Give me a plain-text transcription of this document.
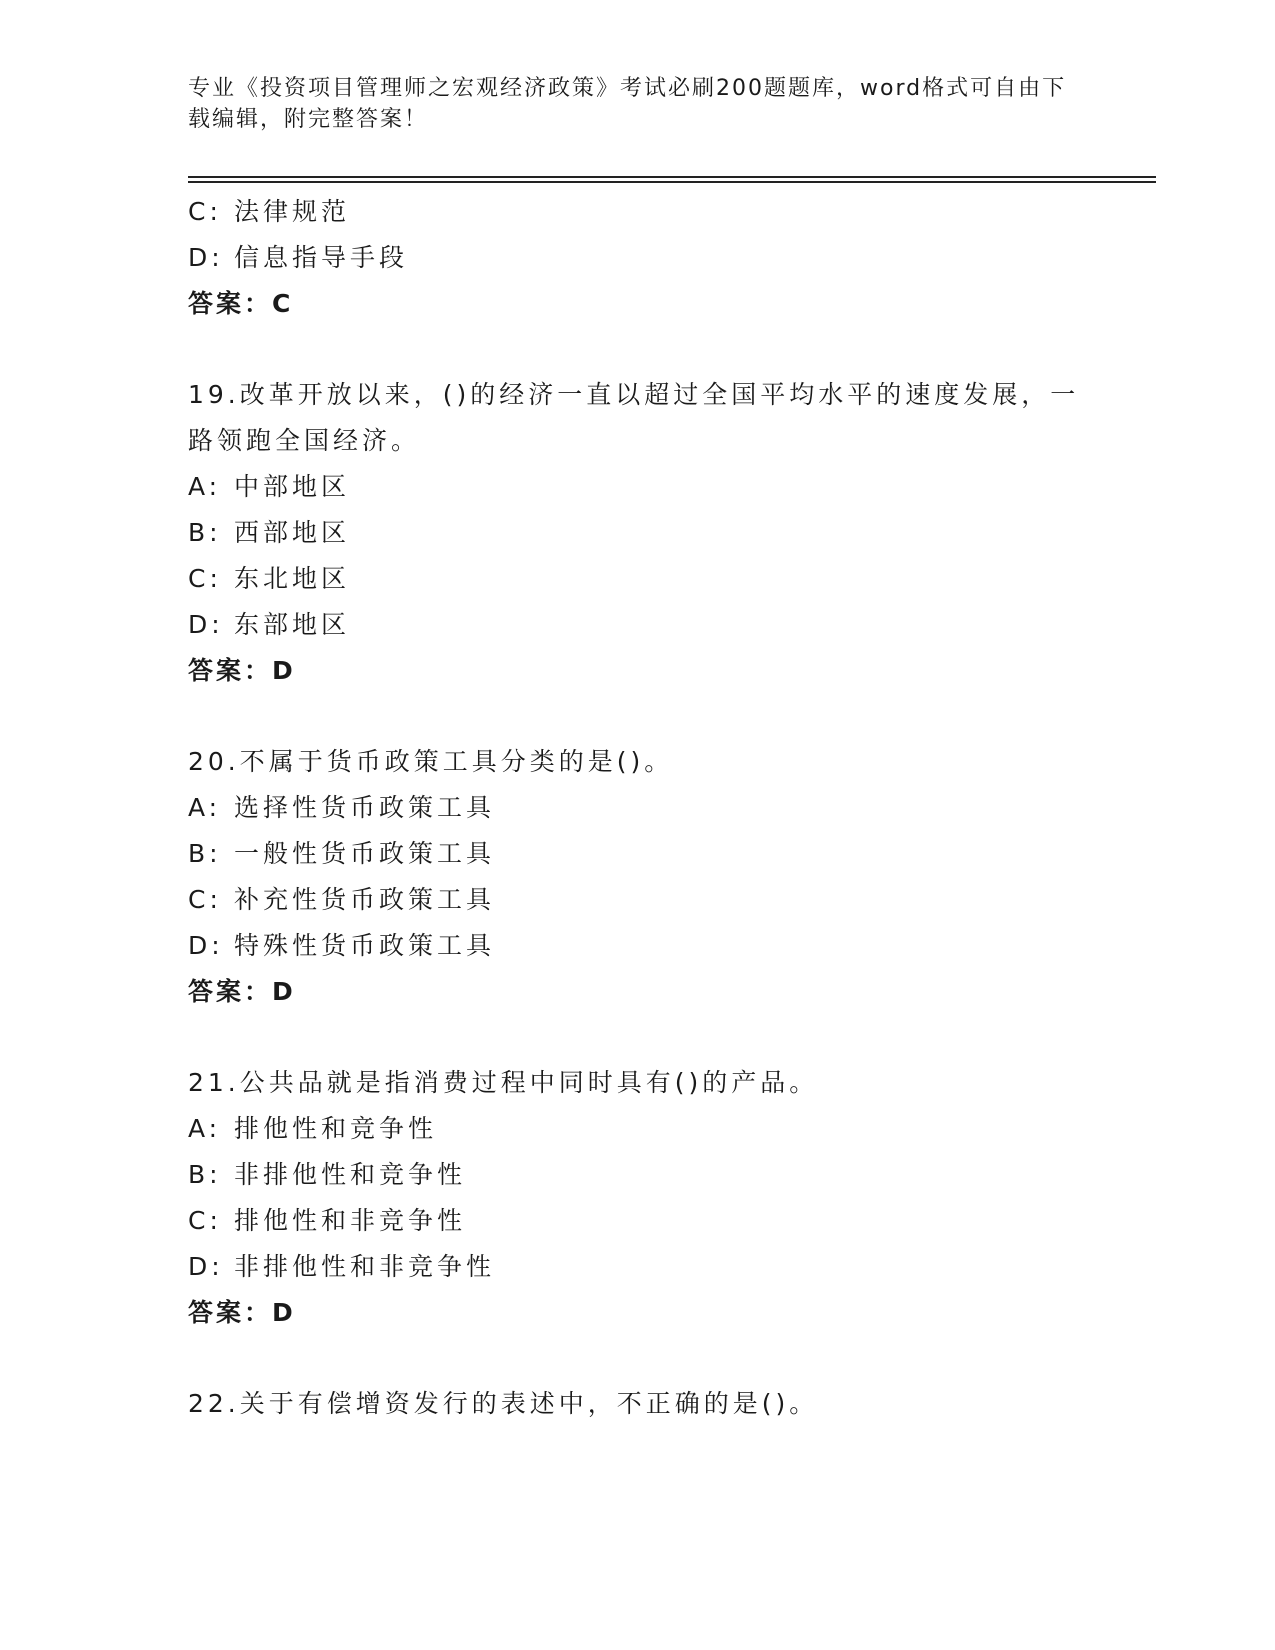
专业《投资项目管理师之宏观经济政策》考试必刷200题题库，word格式可自由下载编辑，附完整答案！
C: 法律规范
D: 信息指导手段
答案：C
19.改革开放以来，()的经济一直以超过全国平均水平的速度发展，一路领跑全国经济。
A: 中部地区
B: 西部地区
C: 东北地区
D: 东部地区
答案：D
20.不属于货币政策工具分类的是()。
A: 选择性货币政策工具
B: 一般性货币政策工具
C: 补充性货币政策工具
D: 特殊性货币政策工具
答案：D
21.公共品就是指消费过程中同时具有()的产品。
A: 排他性和竞争性
B: 非排他性和竞争性
C: 排他性和非竞争性
D: 非排他性和非竞争性
答案：D
22.关于有偿增资发行的表述中，不正确的是()。
